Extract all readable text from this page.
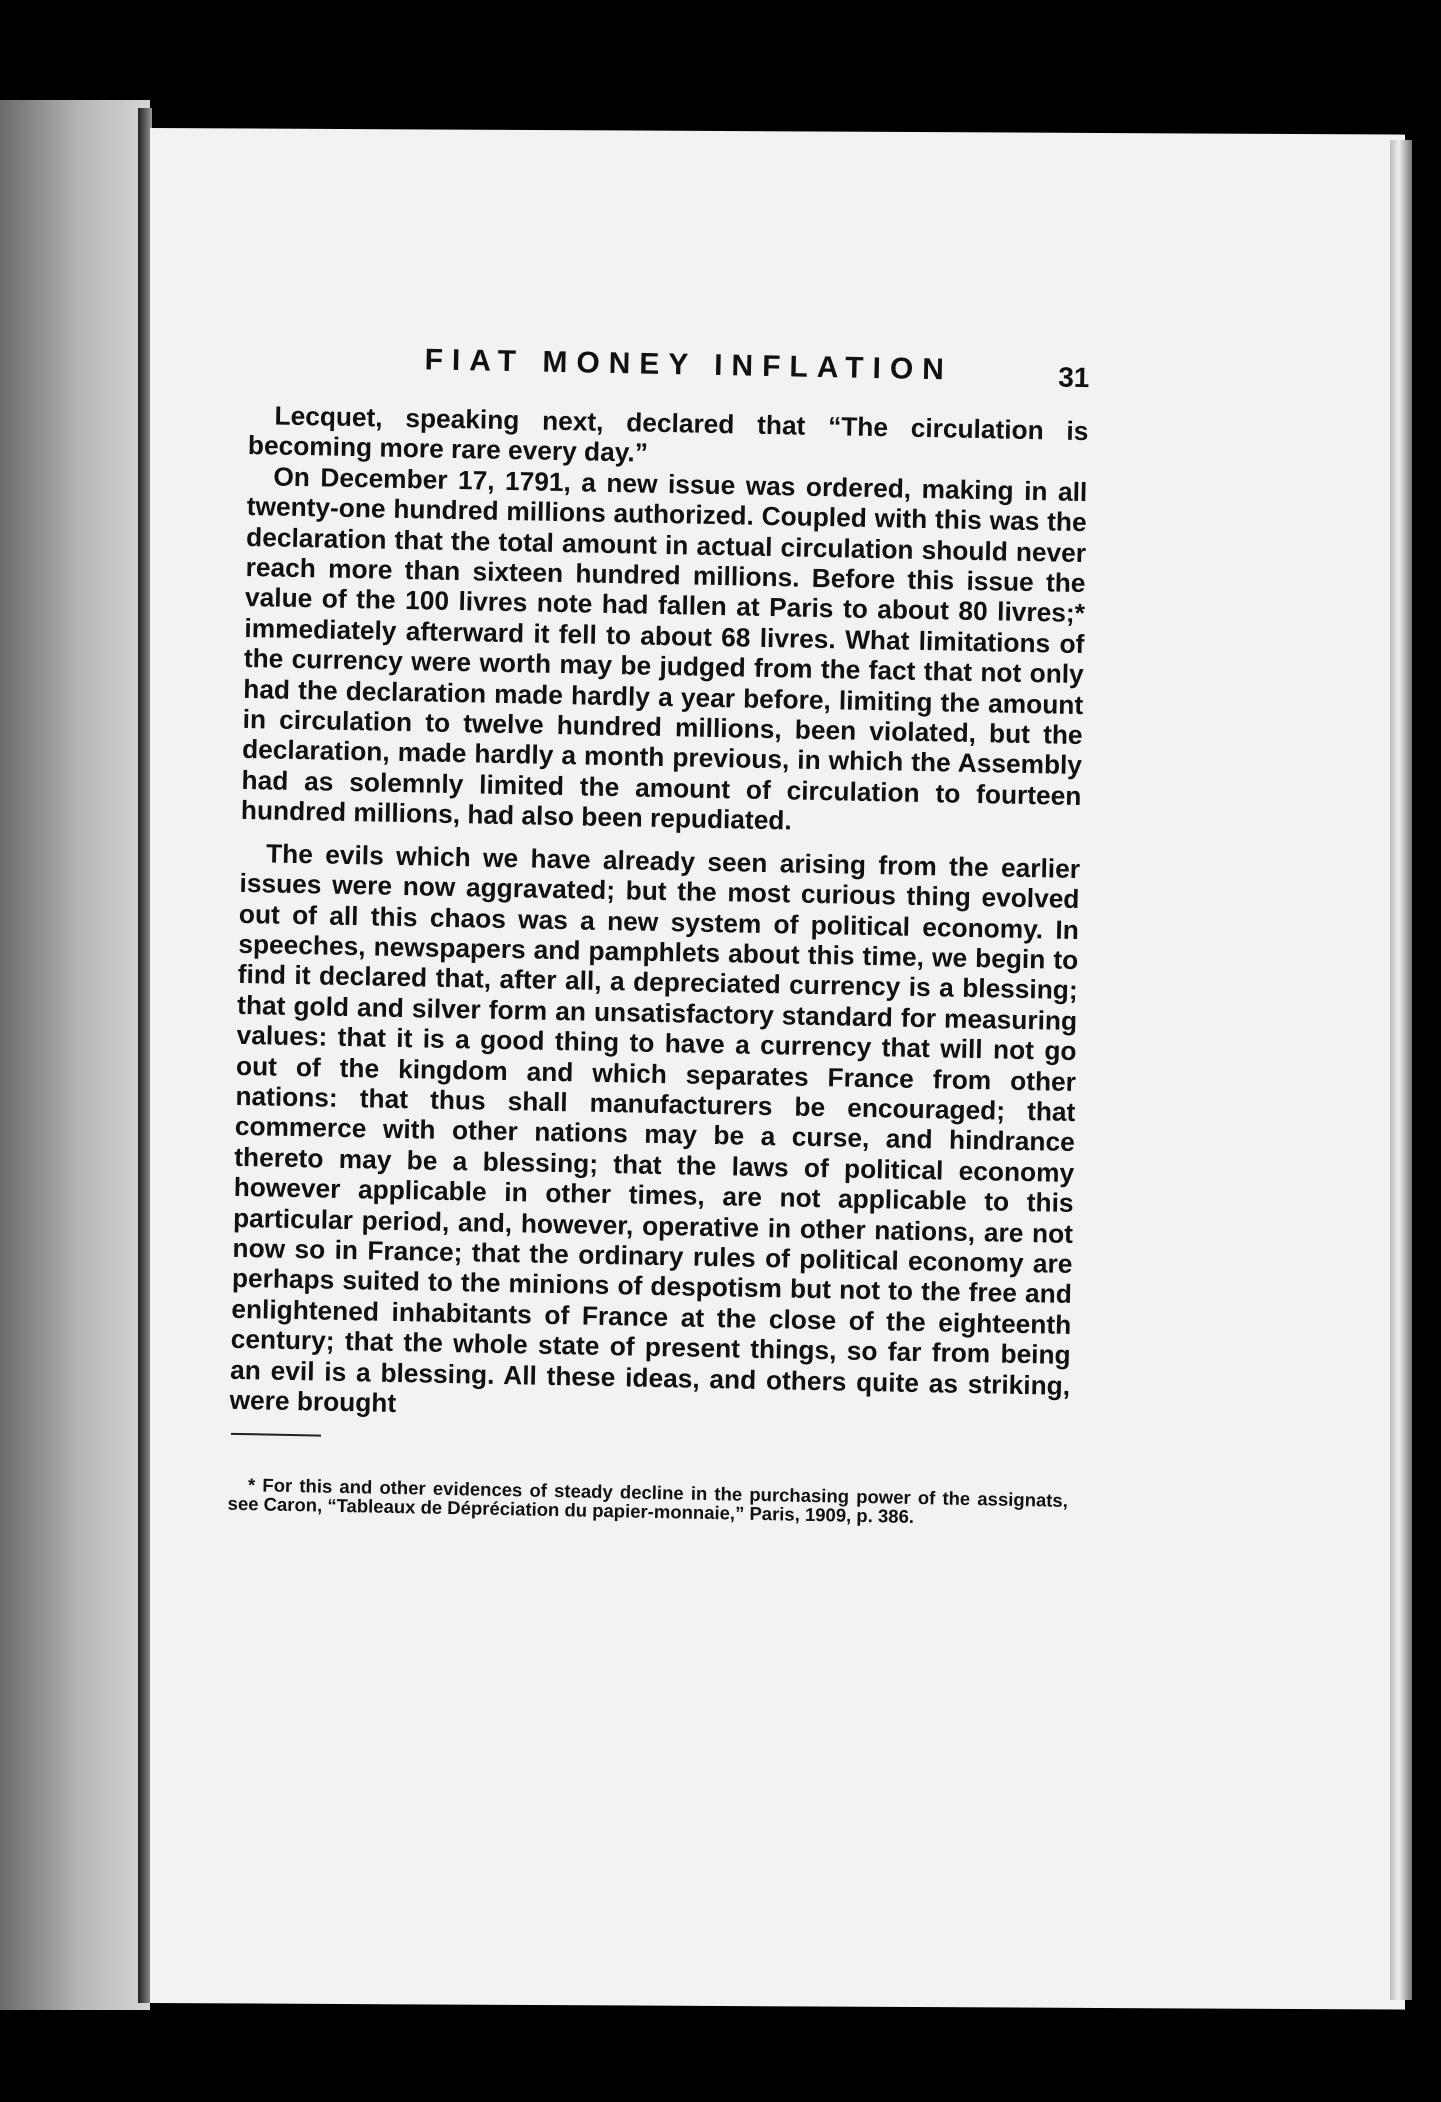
FIAT MONEY INFLATION	31

Lecquet, speaking next, declared that “The circulation is becoming more rare every day.”

On December 17, 1791, a new issue was ordered, making in all twenty-one hundred millions authorized. Coupled with this was the declaration that the total amount in actual circulation should never reach more than sixteen hundred millions. Before this issue the value of the 100 livres note had fallen at Paris to about 80 livres;* immediately afterward it fell to about 68 livres. What limitations of the currency were worth may be judged from the fact that not only had the declaration made hardly a year before, limiting the amount in circulation to twelve hundred millions, been violated, but the declaration, made hardly a month previous, in which the Assembly had as solemnly limited the amount of circulation to fourteen hundred millions, had also been repudiated.

The evils which we have already seen arising from the earlier issues were now aggravated; but the most curious thing evolved out of all this chaos was a new system of political economy. In speeches, newspapers and pamphlets about this time, we begin to find it declared that, after all, a depreciated currency is a blessing; that gold and silver form an unsatisfactory standard for measuring values: that it is a good thing to have a currency that will not go out of the kingdom and which separates France from other nations: that thus shall manufacturers be encouraged; that commerce with other nations may be a curse, and hindrance thereto may be a blessing; that the laws of political economy however applicable in other times, are not applicable to this particular period, and, however, operative in other nations, are not now so in France; that the ordinary rules of political economy are perhaps suited to the minions of despotism but not to the free and enlightened inhabitants of France at the close of the eighteenth century; that the whole state of present things, so far from being an evil is a blessing. All these ideas, and others quite as striking, were brought

* For this and other evidences of steady decline in the purchasing power of the assignats, see Caron, “Tableaux de Dépréciation du papier-monnaie,” Paris, 1909, p. 386.
